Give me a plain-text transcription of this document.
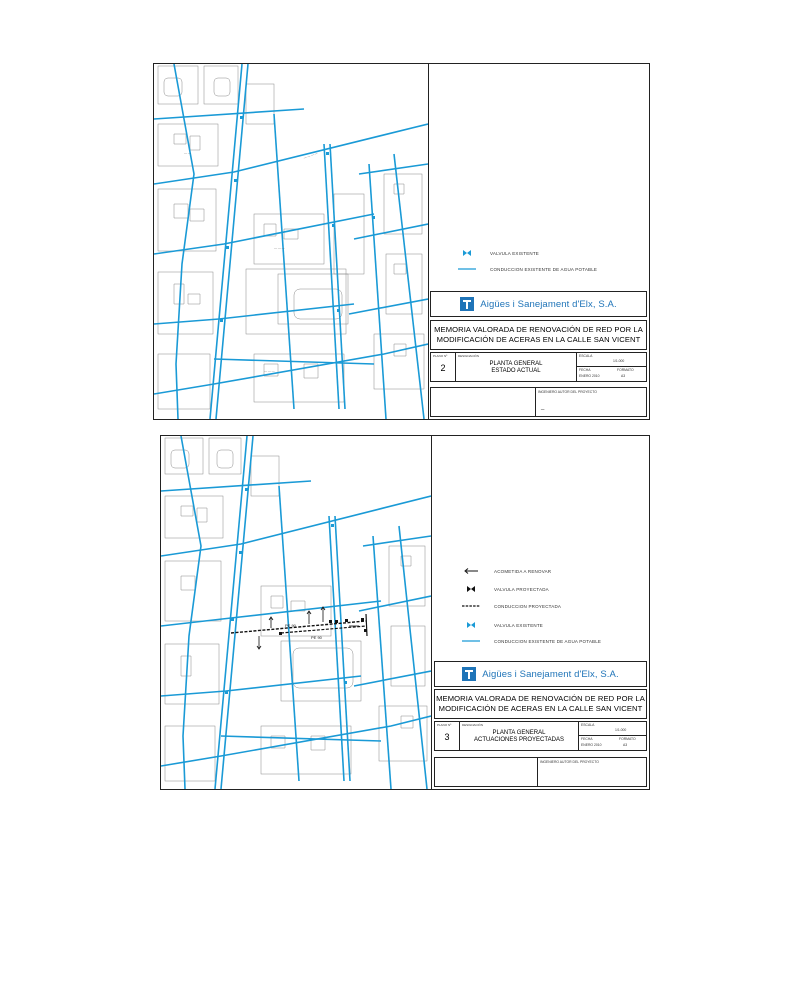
— — — —
— —
— — —
— — —
VALVULA EXISTENTE
CONDUCCION EXISTENTE DE AGUA POTABLE
Aigües i Sanejament d'Elx, S.A.
MEMORIA VALORADA DE RENOVACIÓN DE RED POR LA
MODIFICACIÓN DE ACERAS EN LA CALLE SAN VICENT
PLANO Nº
2
DESIGNACIÓN
PLANTA GENERAL
ESTADO ACTUAL
ESCALA
1/1.000
FECHA
ENERO 2010
FORMATO
A3
INGENIERO AUTOR DEL PROYECTO
_
PE 90
PE 90
ACOMETIDA A RENOVAR
VALVULA PROYECTADA
CONDUCCION PROYECTADA
VALVULA EXISTENTE
CONDUCCION EXISTENTE DE AGUA POTABLE
Aigües i Sanejament d'Elx, S.A.
MEMORIA VALORADA DE RENOVACIÓN DE RED POR LA
MODIFICACIÓN DE ACERAS EN LA CALLE SAN VICENT
PLANO Nº
3
DESIGNACIÓN
PLANTA GENERAL
ACTUACIONES PROYECTADAS
ESCALA
1/1.000
FECHA
ENERO 2010
FORMATO
A3
INGENIERO AUTOR DEL PROYECTO
